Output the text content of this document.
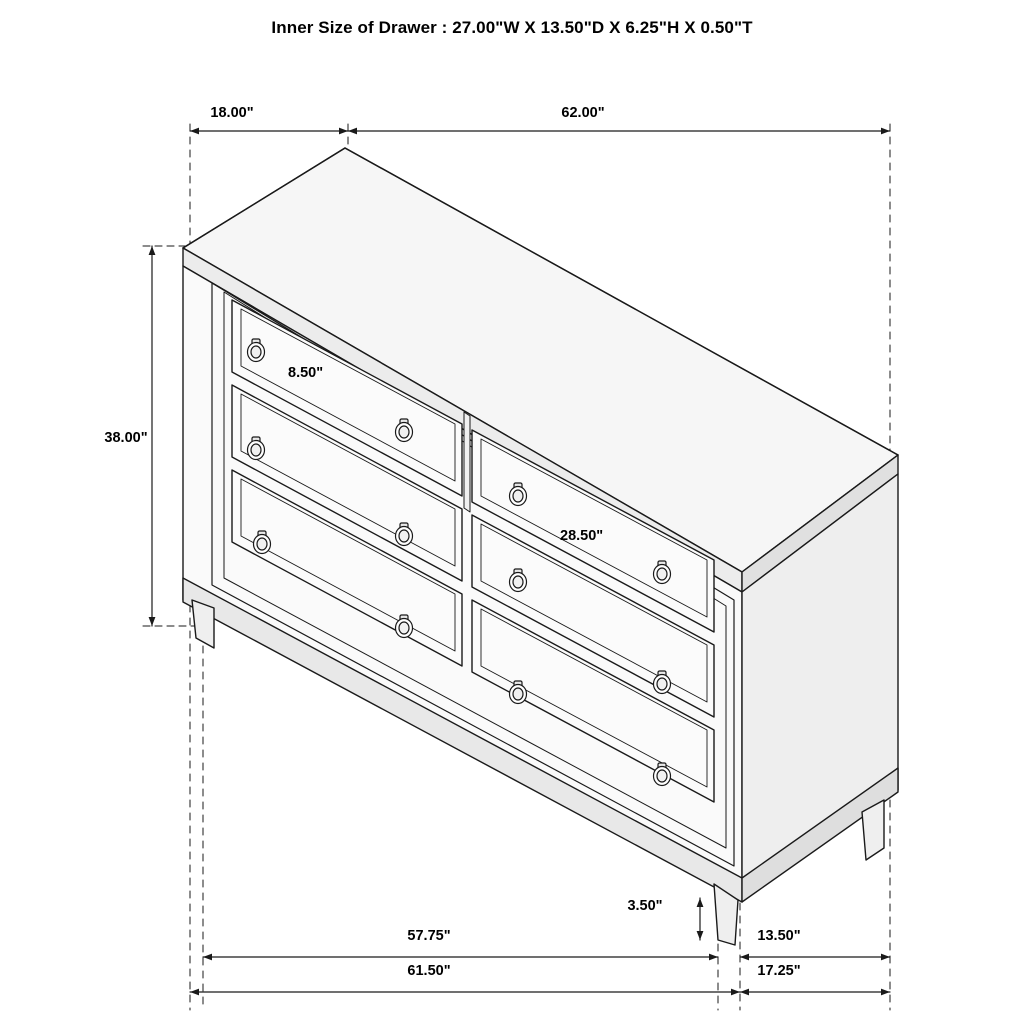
Inner Size of Drawer : 27.00"W X 13.50"D X 6.25"H X 0.50"T
18.00"	62.00"
38.00"
8.50"
28.50"
3.50"
57.75"	13.50"
61.50"	17.25"
